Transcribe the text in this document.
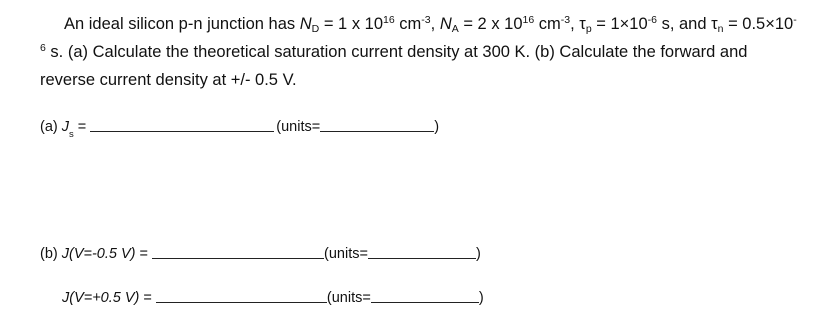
An ideal silicon p-n junction has $N_D = 1$ x $10^{16}$ $cm^{-3}$, $N_A = 2$ x $10^{16}$ $cm^{-3}$, $\tau_p = 1\times 10^{-6}$ s, and $\tau_n = 0.5\times 10^{-6}$ s. (a) Calculate the theoretical saturation current density at 300 K. (b) Calculate the forward and reverse current density at +/- 0.5 V.
(a) J s =	(units=	)
(b) J(V=-0.5 V) =	(units=	)
J(V=+0.5 V) =	(units=	)
